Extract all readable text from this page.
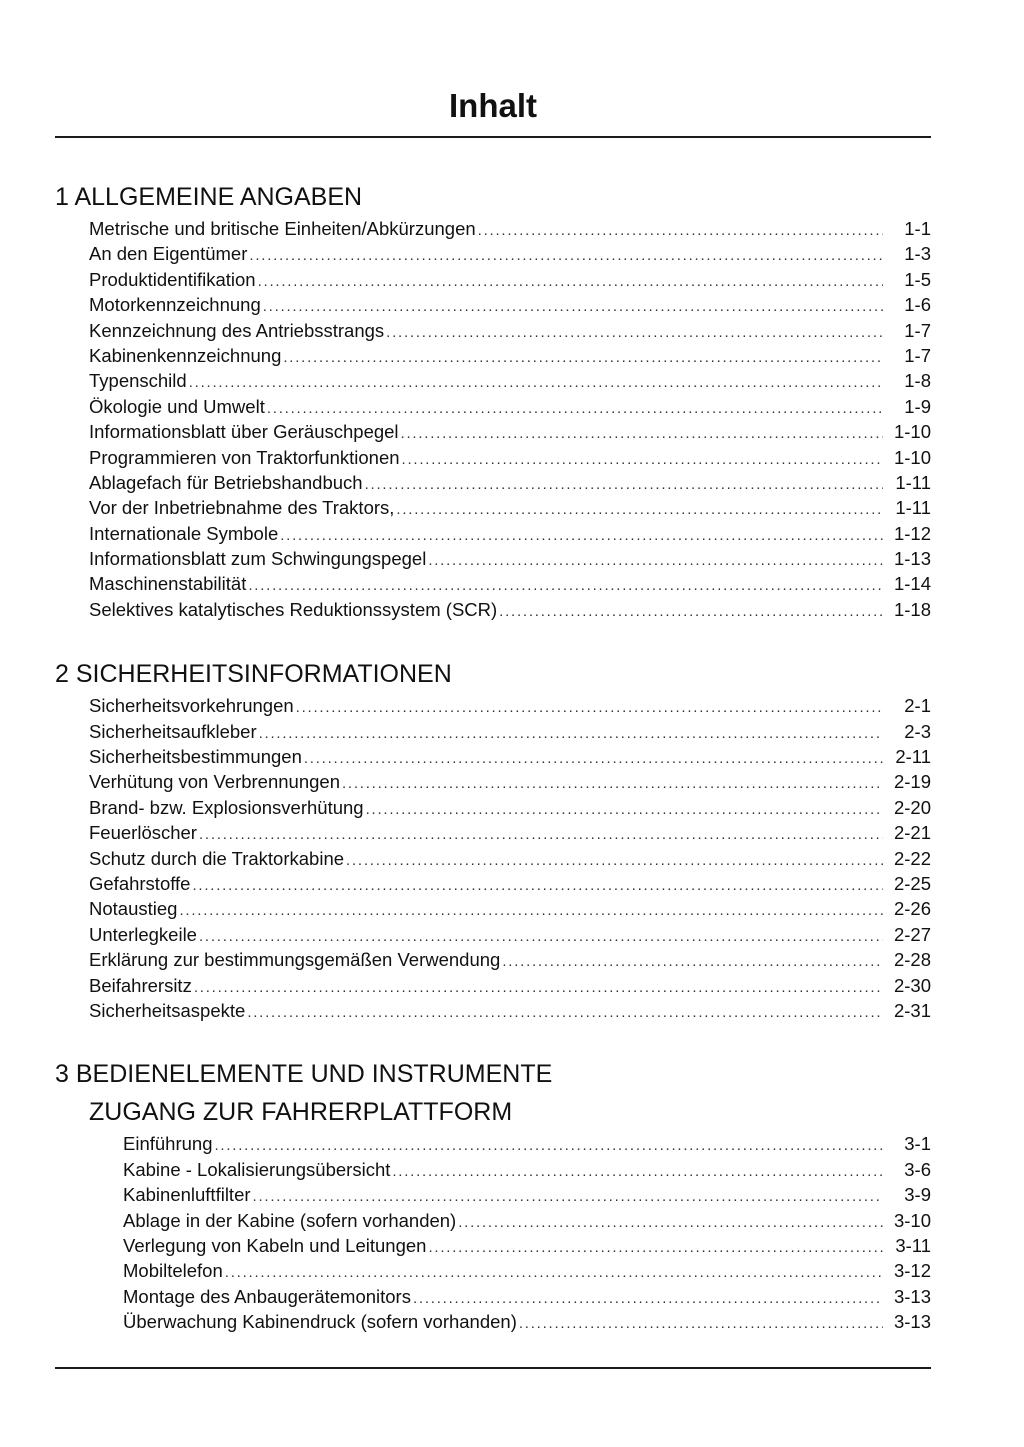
Inhalt
1 ALLGEMEINE ANGABEN
Metrische und britische Einheiten/Abkürzungen . . .	1-1
An den Eigentümer . . .	1-3
Produktidentifikation . . .	1-5
Motorkennzeichnung . . .	1-6
Kennzeichnung des Antriebsstrangs . . .	1-7
Kabinenkennzeichnung . . .	1-7
Typenschild . . .	1-8
Ökologie und Umwelt . . .	1-9
Informationsblatt über Geräuschpegel . . .	1-10
Programmieren von Traktorfunktionen . . .	1-10
Ablagefach für Betriebshandbuch . . .	1-11
Vor der Inbetriebnahme des Traktors, . . .	1-11
Internationale Symbole . . .	1-12
Informationsblatt zum Schwingungspegel . . .	1-13
Maschinenstabilität . . .	1-14
Selektives katalytisches Reduktionssystem (SCR) . . .	1-18
2 SICHERHEITSINFORMATIONEN
Sicherheitsvorkehrungen . . .	2-1
Sicherheitsaufkleber . . .	2-3
Sicherheitsbestimmungen . . .	2-11
Verhütung von Verbrennungen . . .	2-19
Brand- bzw. Explosionsverhütung . . .	2-20
Feuerlöscher . . .	2-21
Schutz durch die Traktorkabine . . .	2-22
Gefahrstoffe . . .	2-25
Notaustieg . . .	2-26
Unterlegkeile . . .	2-27
Erklärung zur bestimmungsgemäßen Verwendung . . .	2-28
Beifahrersitz . . .	2-30
Sicherheitsaspekte . . .	2-31
3 BEDIENELEMENTE UND INSTRUMENTE
ZUGANG ZUR FAHRERPLATTFORM
Einführung . . .	3-1
Kabine - Lokalisierungsübersicht . . .	3-6
Kabinenluftfilter . . .	3-9
Ablage in der Kabine (sofern vorhanden) . . .	3-10
Verlegung von Kabeln und Leitungen . . .	3-11
Mobiltelefon . . .	3-12
Montage des Anbaugerätemonitors . . .	3-13
Überwachung Kabinendruck (sofern vorhanden) . . .	3-13
